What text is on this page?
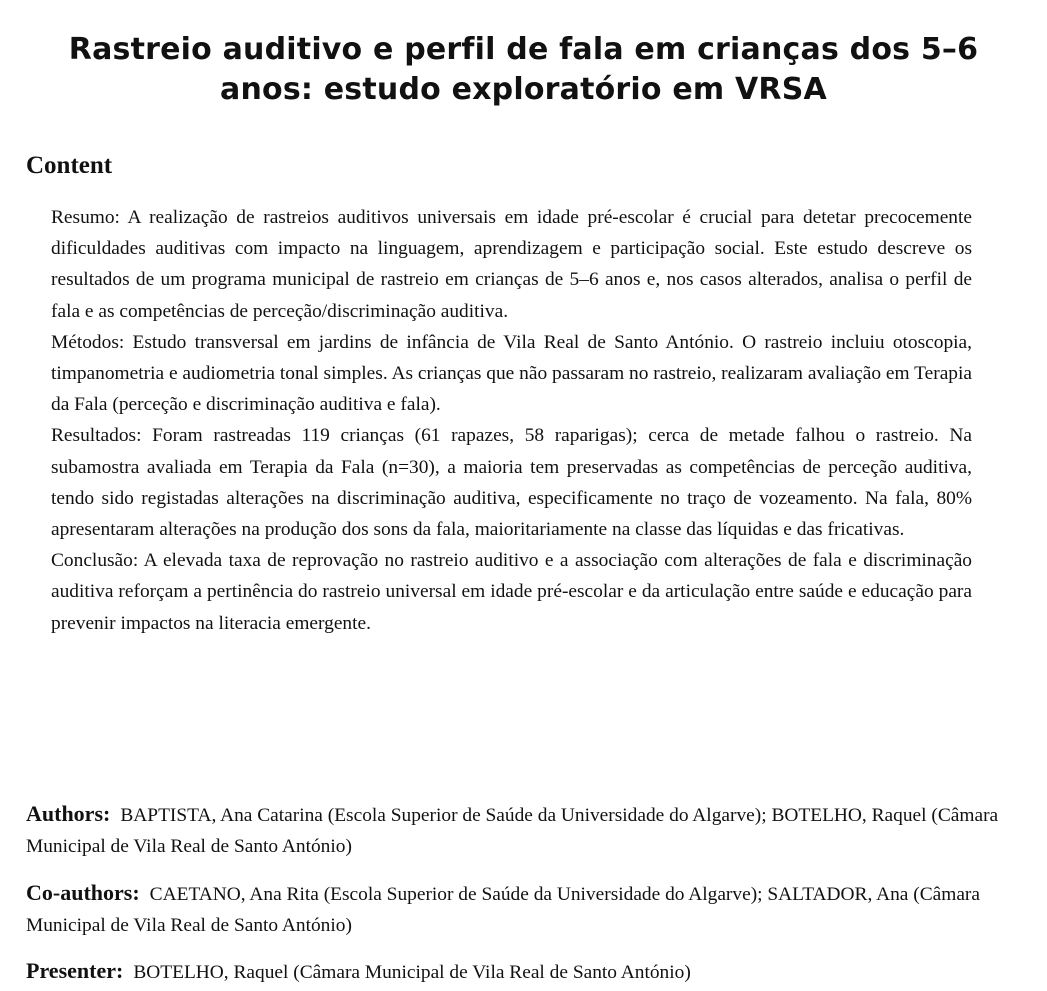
Rastreio auditivo e perfil de fala em crianças dos 5–6 anos: estudo exploratório em VRSA
Content

Resumo: A realização de rastreios auditivos universais em idade pré-escolar é crucial para detetar precocemente dificuldades auditivas com impacto na linguagem, aprendizagem e participação social. Este estudo descreve os resultados de um programa municipal de rastreio em crianças de 5–6 anos e, nos casos alterados, analisa o perfil de fala e as competências de perceção/discriminação auditiva.

Métodos: Estudo transversal em jardins de infância de Vila Real de Santo António. O rastreio incluiu otoscopia, timpanometria e audiometria tonal simples. As crianças que não passaram no rastreio, realizaram avaliação em Terapia da Fala (perceção e discriminação auditiva e fala).

Resultados: Foram rastreadas 119 crianças (61 rapazes, 58 raparigas); cerca de metade falhou o rastreio. Na subamostra avaliada em Terapia da Fala (n=30), a maioria tem preservadas as competências de perceção auditiva, tendo sido registadas alterações na discriminação auditiva, especificamente no traço de vozeamento. Na fala, 80% apresentaram alterações na produção dos sons da fala, maioritariamente na classe das líquidas e das fricativas.

Conclusão: A elevada taxa de reprovação no rastreio auditivo e a associação com alterações de fala e discriminação auditiva reforçam a pertinência do rastreio universal em idade pré-escolar e da articulação entre saúde e educação para prevenir impactos na literacia emergente.

Authors: BAPTISTA, Ana Catarina (Escola Superior de Saúde da Universidade do Algarve); BOTELHO, Raquel (Câmara Municipal de Vila Real de Santo António)

Co-authors: CAETANO, Ana Rita (Escola Superior de Saúde da Universidade do Algarve); SALTADOR, Ana (Câmara Municipal de Vila Real de Santo António)

Presenter: BOTELHO, Raquel (Câmara Municipal de Vila Real de Santo António)
